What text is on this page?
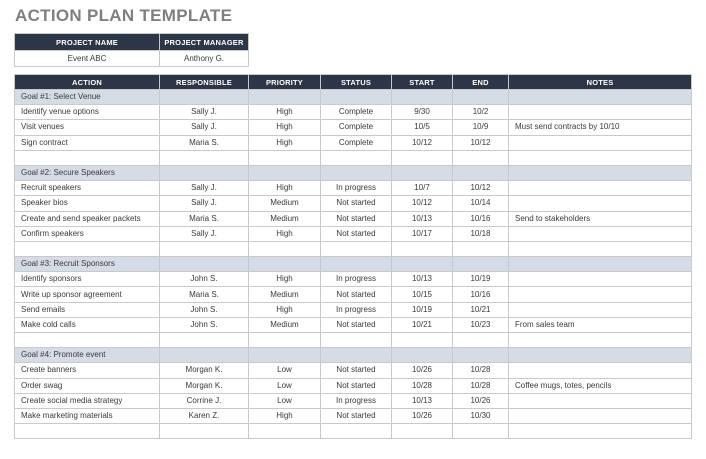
ACTION PLAN TEMPLATE
PROJECT NAME	PROJECT MANAGER
Event ABC	Anthony G.
ACTION	RESPONSIBLE	PRIORITY	STATUS	START	END	NOTES
Goal #1: Select Venue						
Identify venue options	Sally J.	High	Complete	9/30	10/2	
Visit venues	Sally J.	High	Complete	10/5	10/9	Must send contracts by 10/10
Sign contract	Maria S.	High	Complete	10/12	10/12	

Goal #2: Secure Speakers						
Recruit speakers	Sally J.	High	In progress	10/7	10/12	
Speaker bios	Sally J.	Medium	Not started	10/12	10/14	
Create and send speaker packets	Maria S.	Medium	Not started	10/13	10/16	Send to stakeholders
Confirm speakers	Sally J.	High	Not started	10/17	10/18	

Goal #3: Recruit Sponsors						
Identify sponsors	John S.	High	In progress	10/13	10/19	
Write up sponsor agreement	Maria S.	Medium	Not started	10/15	10/16	
Send emails	John S.	High	In progress	10/19	10/21	
Make cold calls	John S.	Medium	Not started	10/21	10/23	From sales team

Goal #4: Promote event						
Create banners	Morgan K.	Low	Not started	10/26	10/28	
Order swag	Morgan K.	Low	Not started	10/28	10/28	Coffee mugs, totes, pencils
Create social media strategy	Corrine J.	Low	In progress	10/13	10/26	
Make marketing materials	Karen Z.	High	Not started	10/26	10/30	
